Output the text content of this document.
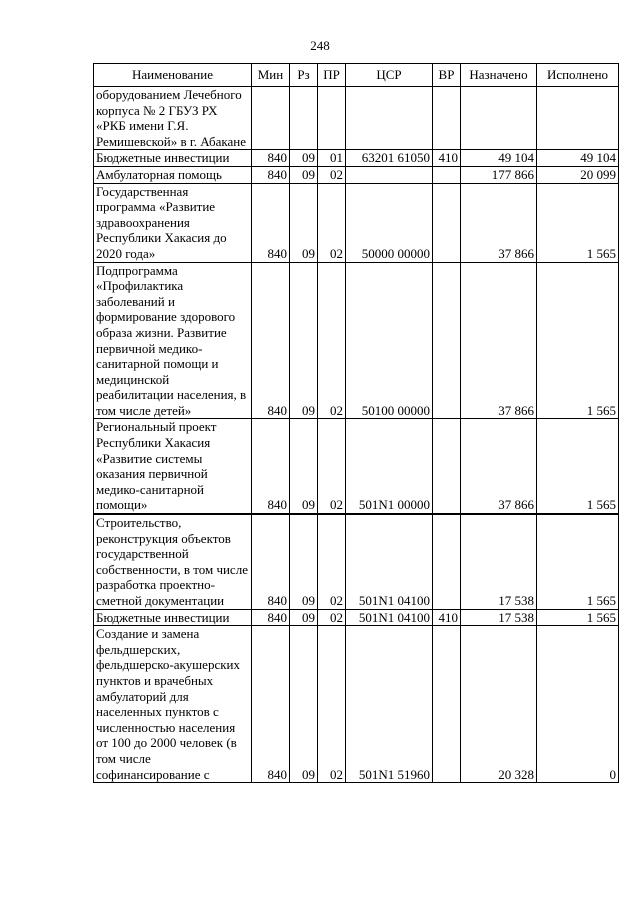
248
Наименование	Мин	Рз	ПР	ЦСР	ВР	Назначено	Исполнено
оборудованием Лечебного корпуса № 2 ГБУЗ РХ «РКБ имени Г.Я. Ремишевской» в г. Абакане							
Бюджетные инвестиции	840	09	01	63201 61050	410	49 104	49 104
Амбулаторная помощь	840	09	02			177 866	20 099
Государственная программа «Развитие здравоохранения Республики Хакасия до 2020 года»	840	09	02	50000 00000		37 866	1 565
Подпрограмма «Профилактика заболеваний и формирование здорового образа жизни. Развитие первичной медико-санитарной помощи и медицинской реабилитации населения, в том числе детей»	840	09	02	50100 00000		37 866	1 565
Региональный проект Республики Хакасия «Развитие системы оказания первичной медико-санитарной помощи»	840	09	02	501N1 00000		37 866	1 565
Строительство, реконструкция объектов государственной собственности, в том числе разработка проектно-сметной документации	840	09	02	501N1 04100		17 538	1 565
Бюджетные инвестиции	840	09	02	501N1 04100	410	17 538	1 565
Создание и замена фельдшерских, фельдшерско-акушерских пунктов и врачебных амбулаторий для населенных пунктов с численностью населения от 100 до 2000 человек (в том числе софинансирование с	840	09	02	501N1 51960		20 328	0
